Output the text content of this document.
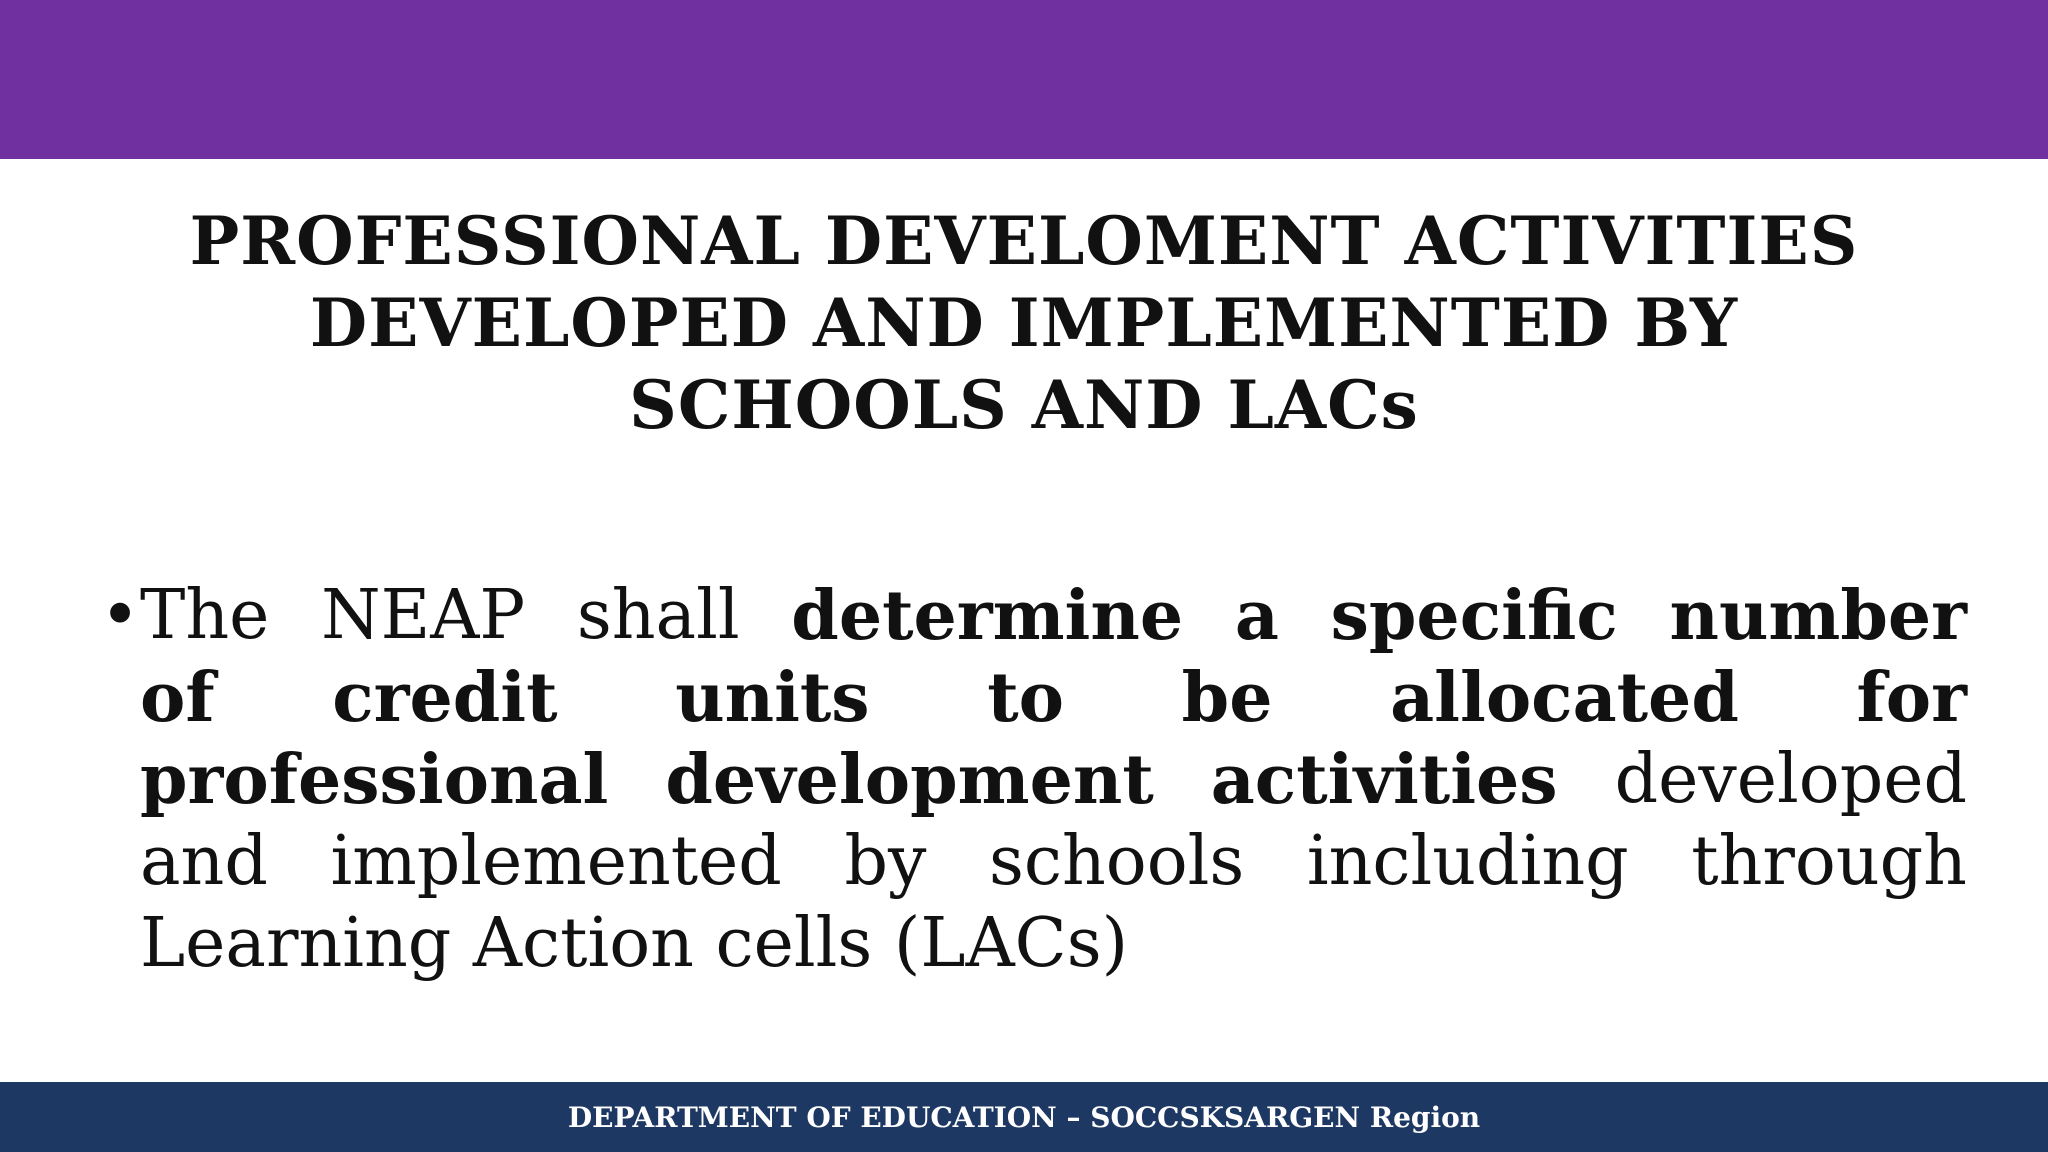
PROFESSIONAL DEVELOMENT ACTIVITIES
DEVELOPED AND IMPLEMENTED BY
SCHOOLS AND LACs
• The NEAP shall determine a specific number
of credit units to be allocated for
professional development activities developed
and implemented by schools including through
Learning Action cells (LACs)
DEPARTMENT OF EDUCATION – SOCCSKSARGEN Region
